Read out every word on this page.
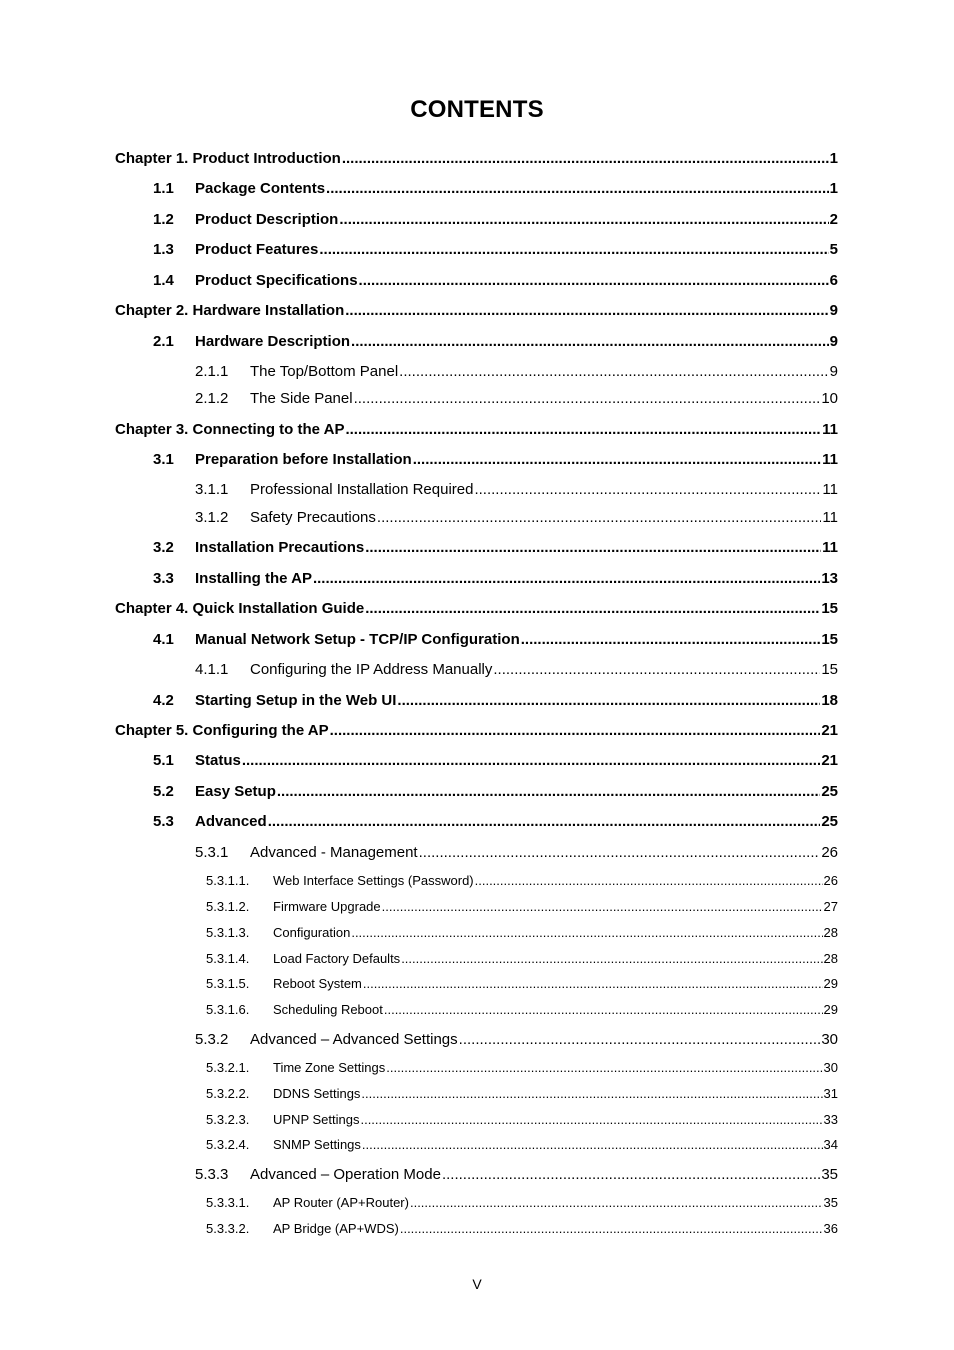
CONTENTS
Chapter 1. Product Introduction .....	1
1.1	Package Contents .....	1
1.2	Product Description .....	2
1.3	Product Features .....	5
1.4	Product Specifications .....	6
Chapter 2. Hardware Installation .....	9
2.1	Hardware Description .....	9
2.1.1	The Top/Bottom Panel .....	9
2.1.2	The Side Panel .....	10
Chapter 3. Connecting to the AP .....	11
3.1	Preparation before Installation .....	11
3.1.1	Professional Installation Required .....	11
3.1.2	Safety Precautions .....	11
3.2	Installation Precautions .....	11
3.3	Installing the AP .....	13
Chapter 4. Quick Installation Guide .....	15
4.1	Manual Network Setup - TCP/IP Configuration .....	15
4.1.1	Configuring the IP Address Manually .....	15
4.2	Starting Setup in the Web UI .....	18
Chapter 5. Configuring the AP .....	21
5.1	Status .....	21
5.2	Easy Setup .....	25
5.3	Advanced .....	25
5.3.1	Advanced - Management .....	26
5.3.1.1.	Web Interface Settings (Password) .....	26
5.3.1.2.	Firmware Upgrade .....	27
5.3.1.3.	Configuration .....	28
5.3.1.4.	Load Factory Defaults .....	28
5.3.1.5.	Reboot System .....	29
5.3.1.6.	Scheduling Reboot .....	29
5.3.2	Advanced – Advanced Settings .....	30
5.3.2.1.	Time Zone Settings .....	30
5.3.2.2.	DDNS Settings .....	31
5.3.2.3.	UPNP Settings .....	33
5.3.2.4.	SNMP Settings .....	34
5.3.3	Advanced – Operation Mode .....	35
5.3.3.1.	AP Router (AP+Router) .....	35
5.3.3.2.	AP Bridge (AP+WDS) .....	36
V
